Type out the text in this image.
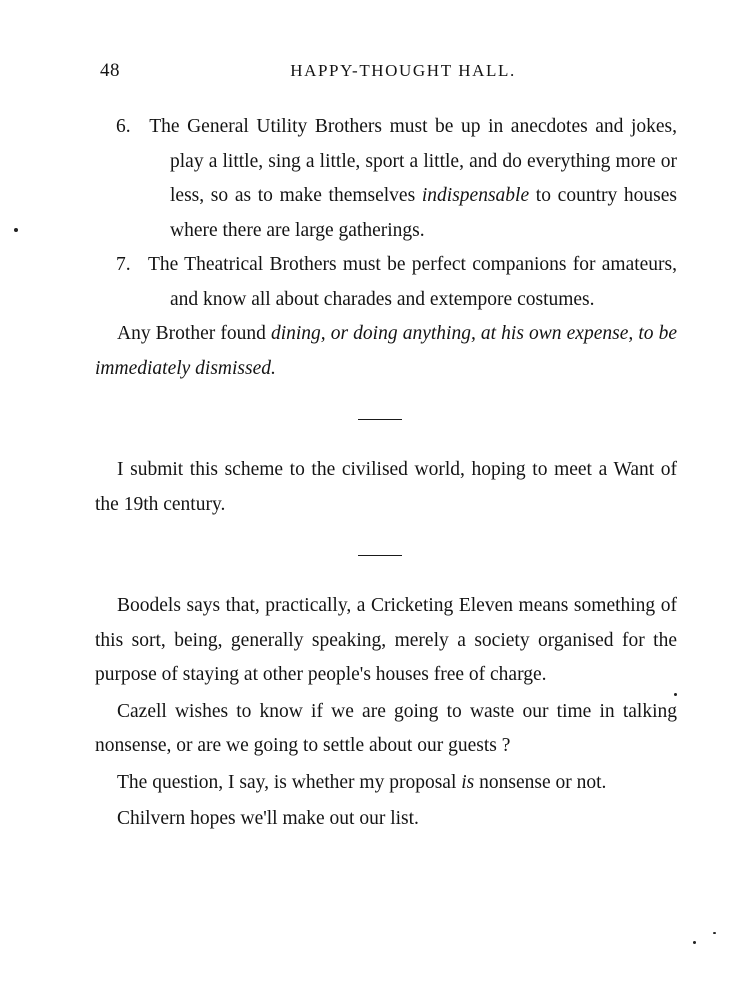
48	HAPPY-THOUGHT HALL.

6. The General Utility Brothers must be up in anecdotes and jokes, play a little, sing a little, sport a little, and do everything more or less, so as to make themselves indispensable to country houses where there are large gatherings.

7. The Theatrical Brothers must be perfect companions for amateurs, and know all about charades and extempore costumes.

Any Brother found dining, or doing anything, at his own expense, to be immediately dismissed.

I submit this scheme to the civilised world, hoping to meet a Want of the 19th century.

Boodels says that, practically, a Cricketing Eleven means something of this sort, being, generally speaking, merely a society organised for the purpose of staying at other people's houses free of charge.

Cazell wishes to know if we are going to waste our time in talking nonsense, or are we going to settle about our guests ?

The question, I say, is whether my proposal is nonsense or not.

Chilvern hopes we'll make out our list.
